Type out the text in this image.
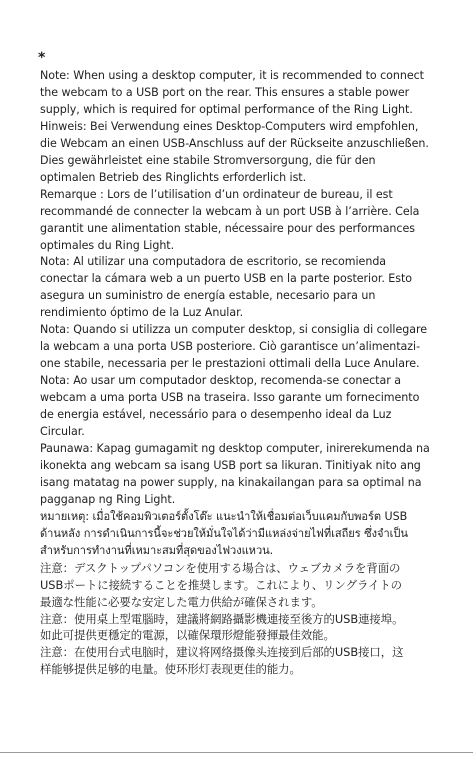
*
Note: When using a desktop computer, it is recommended to connect
the webcam to a USB port on the rear. This ensures a stable power
supply, which is required for optimal performance of the Ring Light.
Hinweis: Bei Verwendung eines Desktop-Computers wird empfohlen,
die Webcam an einen USB-Anschluss auf der Rückseite anzuschließen.
Dies gewährleistet eine stabile Stromversorgung, die für den
optimalen Betrieb des Ringlichts erforderlich ist.
Remarque : Lors de l’utilisation d’un ordinateur de bureau, il est
recommandé de connecter la webcam à un port USB à l’arrière. Cela
garantit une alimentation stable, nécessaire pour des performances
optimales du Ring Light.
Nota: Al utilizar una computadora de escritorio, se recomienda
conectar la cámara web a un puerto USB en la parte posterior. Esto
asegura un suministro de energía estable, necesario para un
rendimiento óptimo de la Luz Anular.
Nota: Quando si utilizza un computer desktop, si consiglia di collegare
la webcam a una porta USB posteriore. Ciò garantisce un’alimentazi-
one stabile, necessaria per le prestazioni ottimali della Luce Anulare.
Nota: Ao usar um computador desktop, recomenda-se conectar a
webcam a uma porta USB na traseira. Isso garante um fornecimento
de energia estável, necessário para o desempenho ideal da Luz
Circular.
Paunawa: Kapag gumagamit ng desktop computer, inirerekumenda na
ikonekta ang webcam sa isang USB port sa likuran. Tinitiyak nito ang
isang matatag na power supply, na kinakailangan para sa optimal na
pagganap ng Ring Light.
หมายเหตุ: เมื่อใช้คอมพิวเตอร์ตั้งโต๊ะ แนะนำให้เชื่อมต่อเว็บแคมกับพอร์ต USB
ด้านหลัง การดำเนินการนี้จะช่วยให้มั่นใจได้ว่ามีแหล่งจ่ายไฟที่เสถียร ซึ่งจำเป็น
สำหรับการทำงานที่เหมาะสมที่สุดของไฟวงแหวน.
注意：デスクトップパソコンを使用する場合は、ウェブカメラを背面の
USBポートに接続することを推奨します。これにより、リングライトの
最適な性能に必要な安定した電力供給が確保されます。
注意：使用桌上型電腦時，建議將網路攝影機連接至後方的USB連接埠。
如此可提供更穩定的電源，以確保環形燈能發揮最佳效能。
注意：在使用台式电脑时，建议将网络摄像头连接到后部的USB接口，这
样能够提供足够的电量。使环形灯表现更佳的能力。
